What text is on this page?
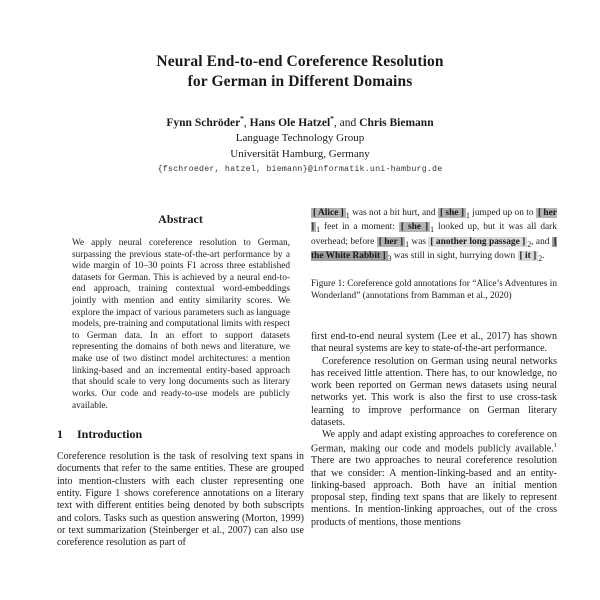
Neural End-to-end Coreference Resolution
for German in Different Domains
Fynn Schröder*, Hans Ole Hatzel*, and Chris Biemann
Language Technology Group
Universität Hamburg, Germany
{fschroeder, hatzel, biemann}@informatik.uni-hamburg.de
Abstract

We apply neural coreference resolution to German, surpassing the previous state-of-the-art performance by a wide margin of 10–30 points F1 across three established datasets for German. This is achieved by a neural end-to-end approach, training contextual word-embeddings jointly with mention and entity similarity scores. We explore the impact of various parameters such as language models, pre-training and computational limits with respect to German data. In an effort to support datasets representing the domains of both news and literature, we make use of two distinct model architectures: a mention linking-based and an incremental entity-based approach that should scale to very long documents such as literary works. Our code and ready-to-use models are publicly available.

1 Introduction

Coreference resolution is the task of resolving text spans in documents that refer to the same entities. These are grouped into mention-clusters with each cluster representing one entity. Figure 1 shows coreference annotations on a literary text with different entities being denoted by both subscripts and colors. Tasks such as question answering (Morton, 1999) or text summarization (Steinberger et al., 2007) can also use coreference resolution as part of

[ Alice ] $_1$ was not a bit hurt, and [ she ] $_1$ jumped up on to [ her ] $_1$ feet in a moment: [ she ] $_1$ looked up, but it was all dark overhead; before [ her ] $_1$ was [ another long passage ] $_2$, and [ the White Rabbit ] $_3$ was still in sight, hurrying down [ it ] $_2$.

Figure 1: Coreference gold annotations for “Alice’s Adventures in Wonderland” (annotations from Bamman et al., 2020)

first end-to-end neural system (Lee et al., 2017) has shown that neural systems are key to state-of-the-art performance.

Coreference resolution on German using neural networks has received little attention. There has, to our knowledge, no work been reported on German news datasets using neural networks yet. This work is also the first to use cross-task learning to improve performance on German literary datasets.

We apply and adapt existing approaches to coreference on German, making our code and models publicly available.$^1$ There are two approaches to neural coreference resolution that we consider: A mention-linking-based and an entity-linking-based approach. Both have an initial mention proposal step, finding text spans that are likely to represent mentions. In mention-linking approaches, out of the cross products of mentions, those mentions
